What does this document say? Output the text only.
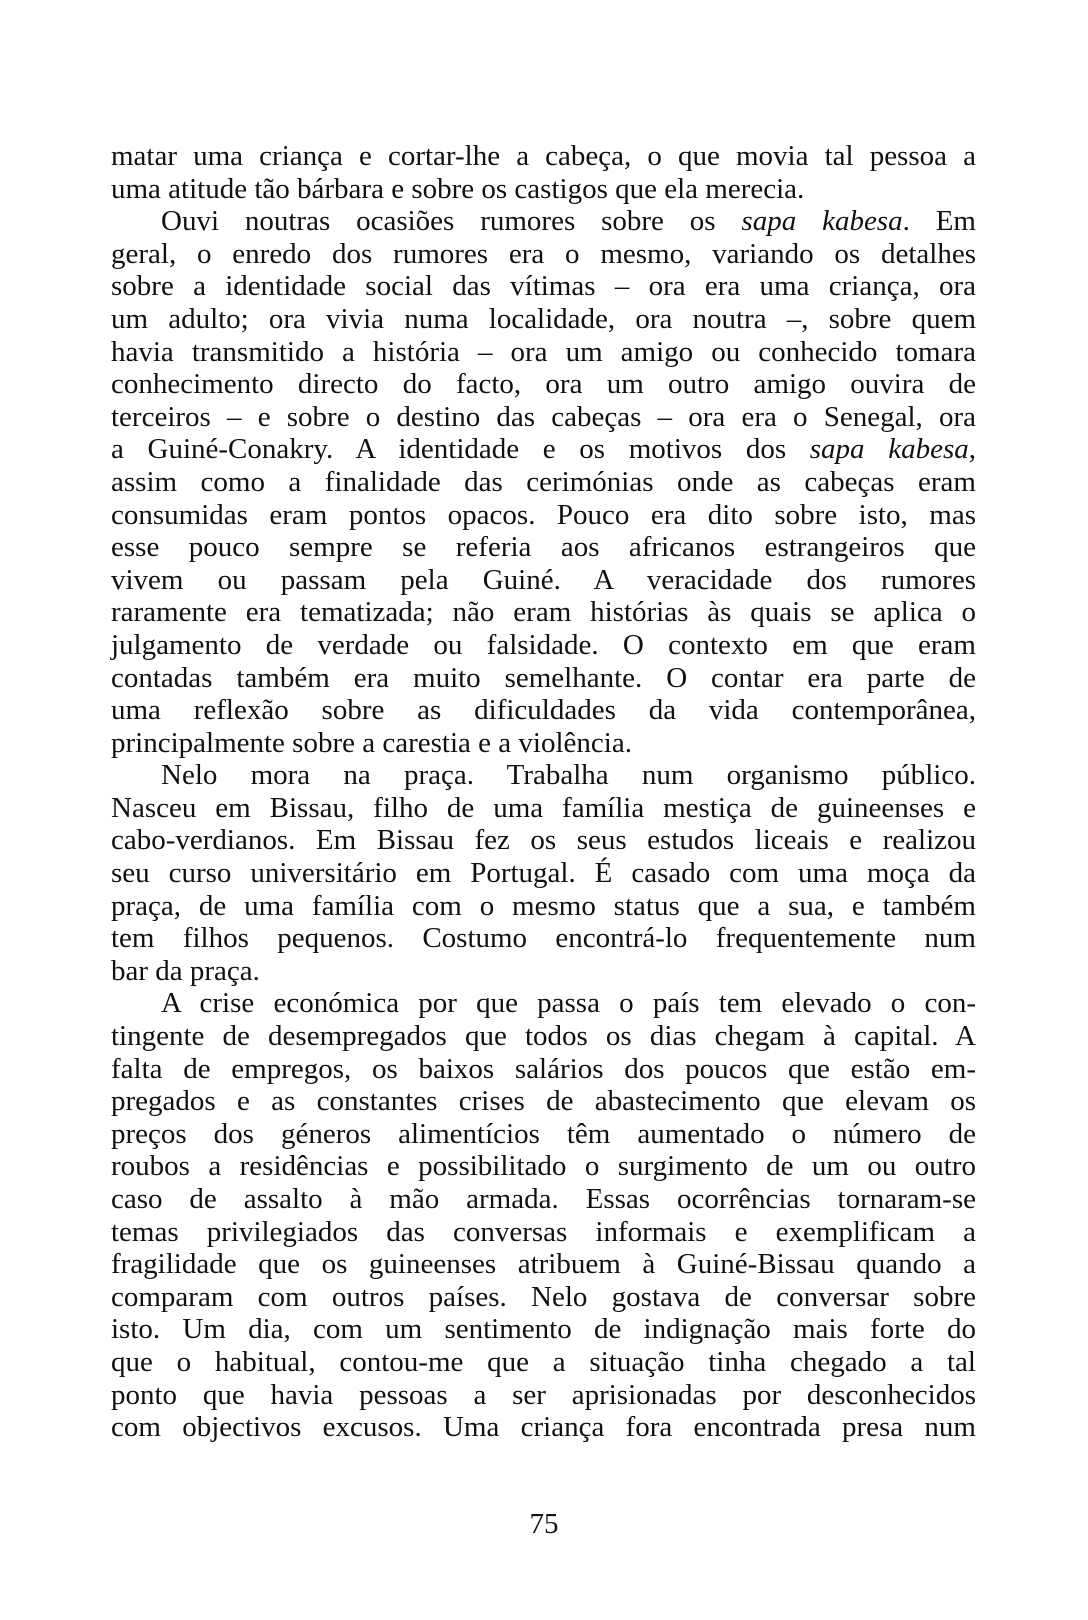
matar uma criança e cortar-lhe a cabeça, o que movia tal pessoa a
uma atitude tão bárbara e sobre os castigos que ela merecia.
Ouvi noutras ocasiões rumores sobre os sapa kabesa. Em
geral, o enredo dos rumores era o mesmo, variando os detalhes
sobre a identidade social das vítimas – ora era uma criança, ora
um adulto; ora vivia numa localidade, ora noutra –, sobre quem
havia transmitido a história – ora um amigo ou conhecido tomara
conhecimento directo do facto, ora um outro amigo ouvira de
terceiros – e sobre o destino das cabeças – ora era o Senegal, ora
a Guiné-Conakry. A identidade e os motivos dos sapa kabesa,
assim como a finalidade das cerimónias onde as cabeças eram
consumidas eram pontos opacos. Pouco era dito sobre isto, mas
esse pouco sempre se referia aos africanos estrangeiros que
vivem ou passam pela Guiné. A veracidade dos rumores
raramente era tematizada; não eram histórias às quais se aplica o
julgamento de verdade ou falsidade. O contexto em que eram
contadas também era muito semelhante. O contar era parte de
uma reflexão sobre as dificuldades da vida contemporânea,
principalmente sobre a carestia e a violência.
Nelo mora na praça. Trabalha num organismo público.
Nasceu em Bissau, filho de uma família mestiça de guineenses e
cabo-verdianos. Em Bissau fez os seus estudos liceais e realizou
seu curso universitário em Portugal. É casado com uma moça da
praça, de uma família com o mesmo status que a sua, e também
tem filhos pequenos. Costumo encontrá-lo frequentemente num
bar da praça.
A crise económica por que passa o país tem elevado o con-
tingente de desempregados que todos os dias chegam à capital. A
falta de empregos, os baixos salários dos poucos que estão em-
pregados e as constantes crises de abastecimento que elevam os
preços dos géneros alimentícios têm aumentado o número de
roubos a residências e possibilitado o surgimento de um ou outro
caso de assalto à mão armada. Essas ocorrências tornaram-se
temas privilegiados das conversas informais e exemplificam a
fragilidade que os guineenses atribuem à Guiné-Bissau quando a
comparam com outros países. Nelo gostava de conversar sobre
isto. Um dia, com um sentimento de indignação mais forte do
que o habitual, contou-me que a situação tinha chegado a tal
ponto que havia pessoas a ser aprisionadas por desconhecidos
com objectivos excusos. Uma criança fora encontrada presa num
75
